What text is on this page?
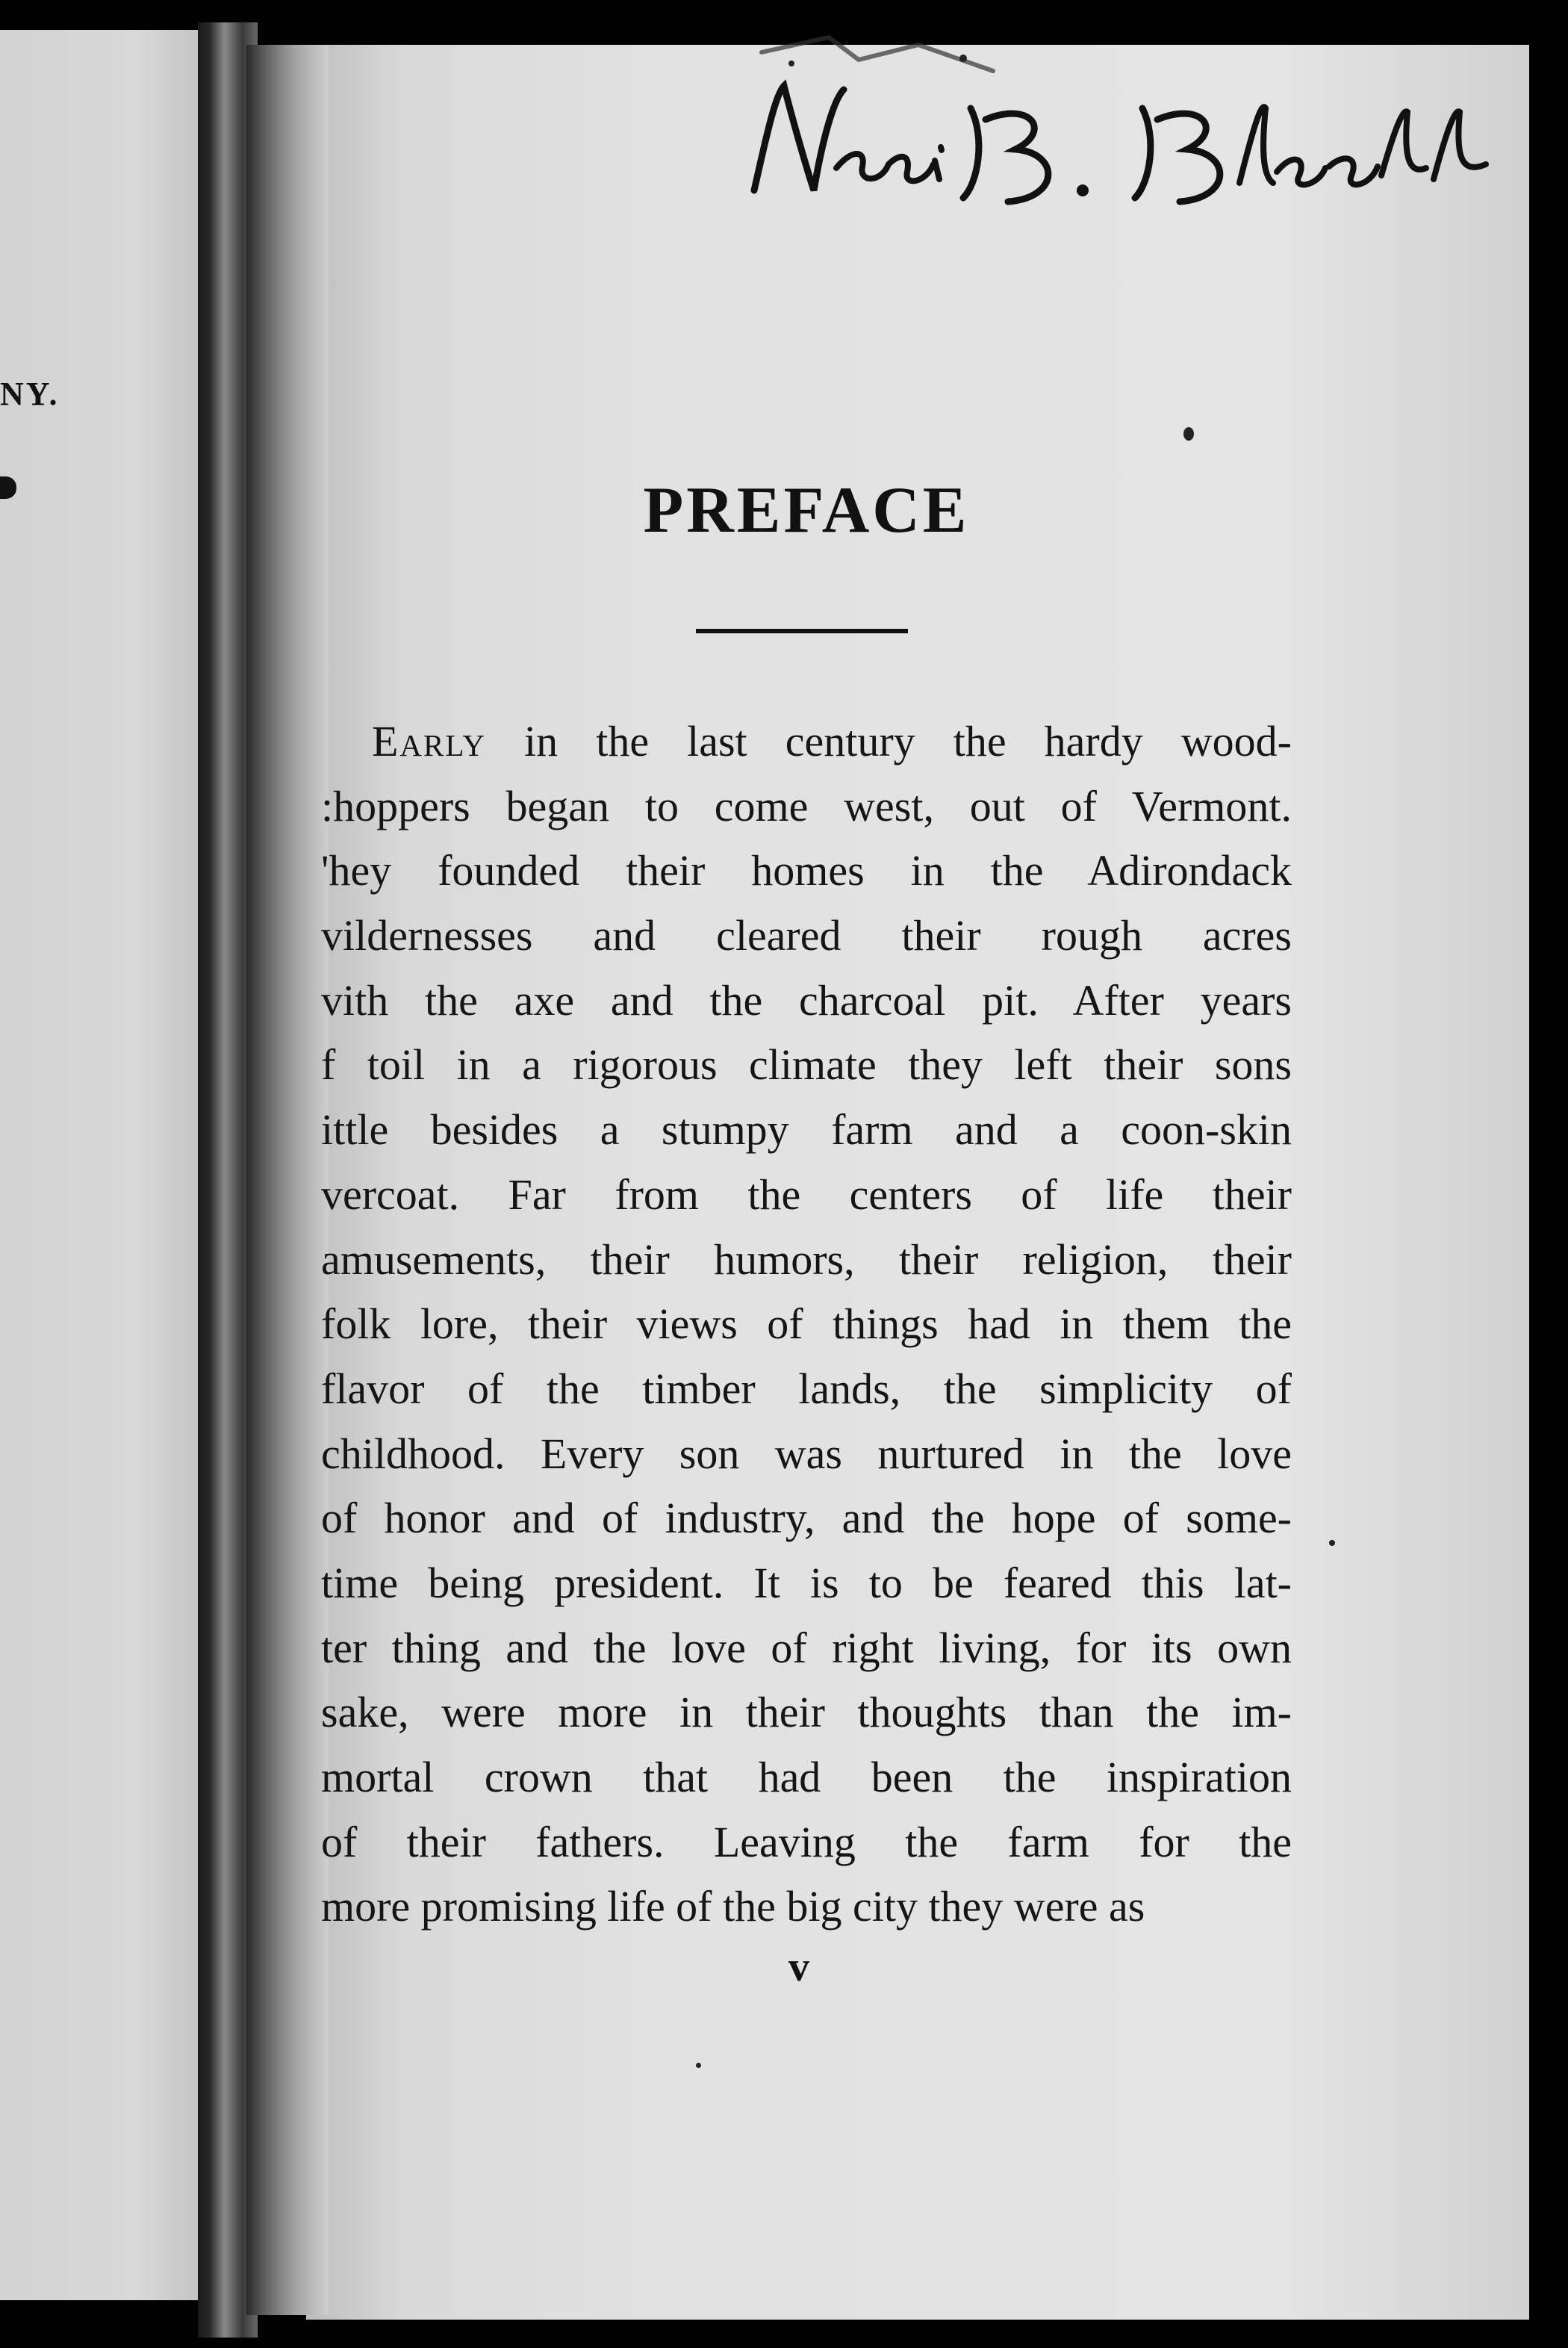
NY.
PREFACE
Early in the last century the hardy wood-
:hoppers began to come west, out of Vermont.
'hey founded their homes in the Adirondack
vildernesses and cleared their rough acres
vith the axe and the charcoal pit. After years
f toil in a rigorous climate they left their sons
ittle besides a stumpy farm and a coon-skin
vercoat. Far from the centers of life their
amusements, their humors, their religion, their
folk lore, their views of things had in them the
flavor of the timber lands, the simplicity of
childhood. Every son was nurtured in the love
of honor and of industry, and the hope of some-
time being president. It is to be feared this lat-
ter thing and the love of right living, for its own
sake, were more in their thoughts than the im-
mortal crown that had been the inspiration
of their fathers. Leaving the farm for the
more promising life of the big city they were as
v
